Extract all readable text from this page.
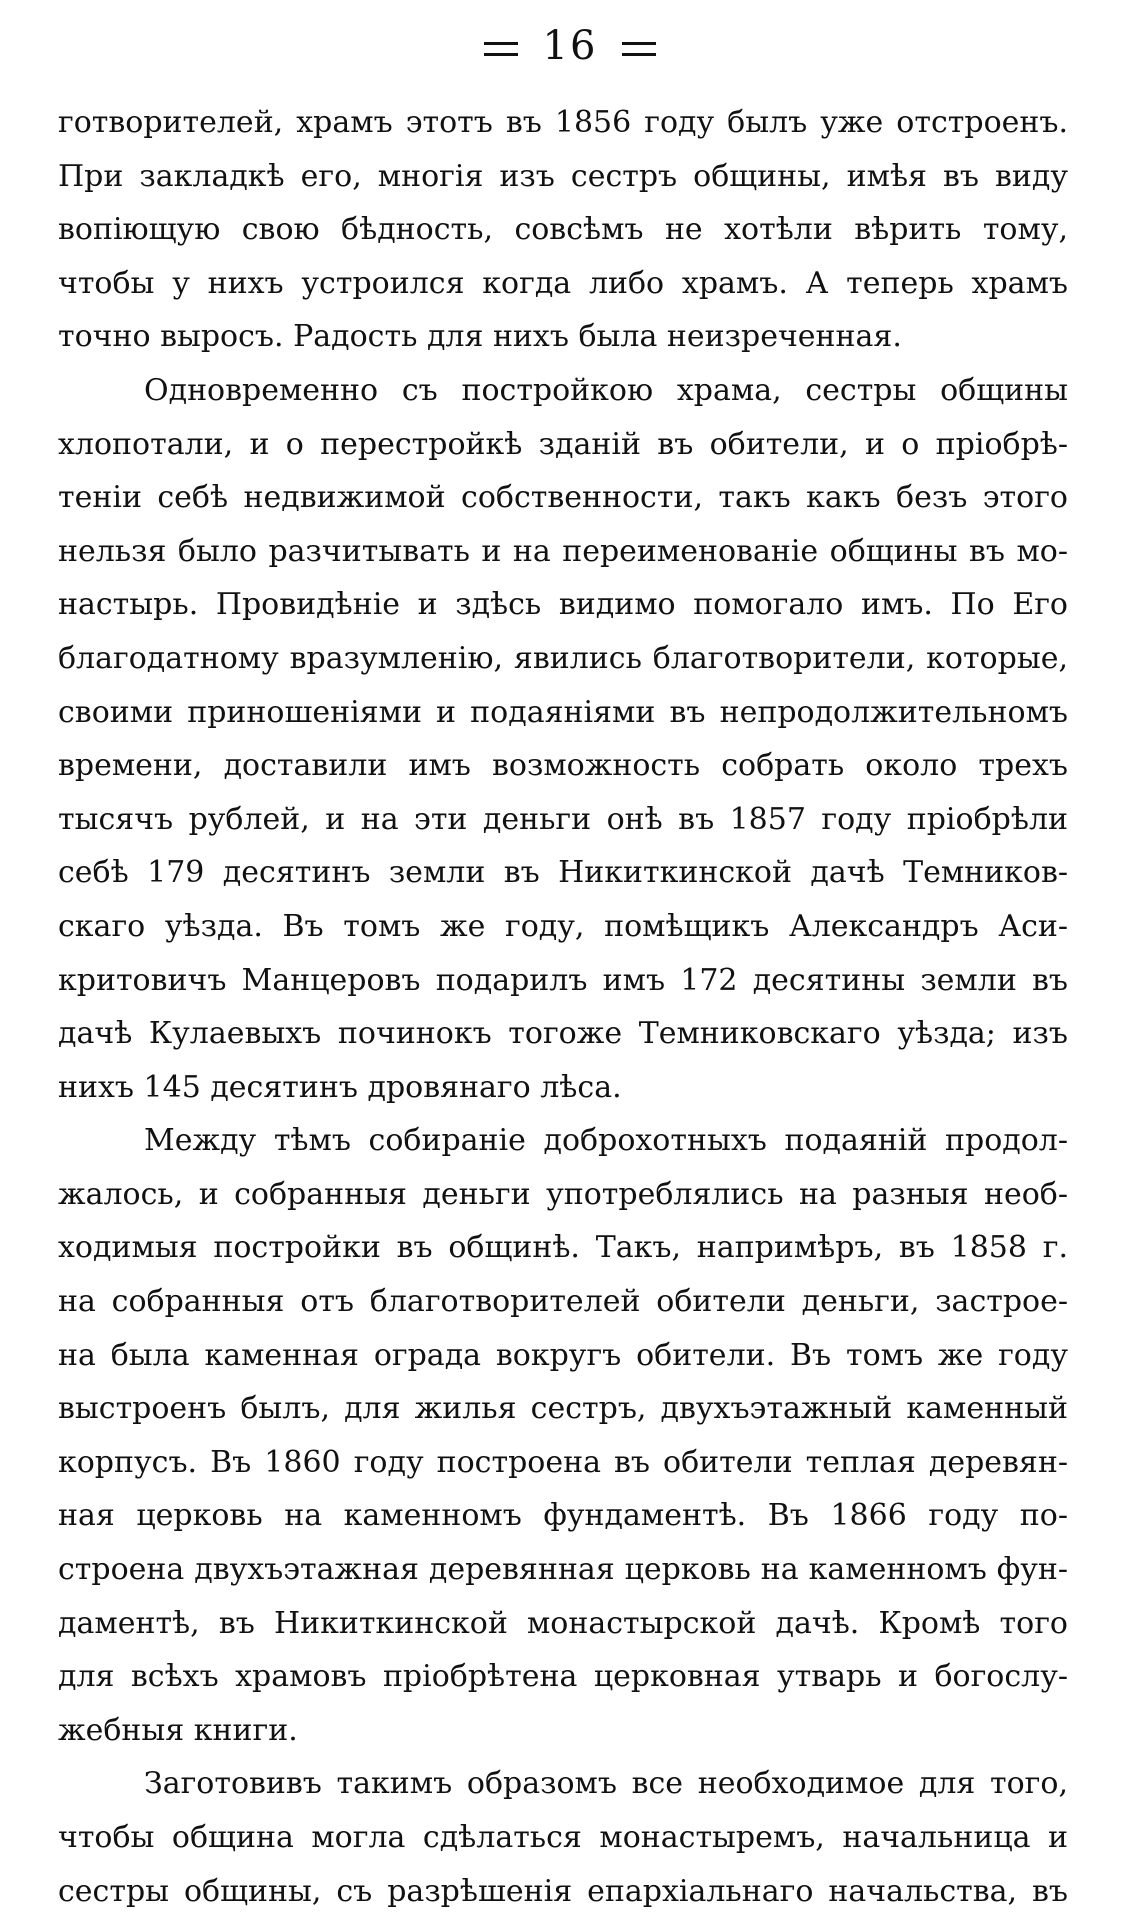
16
готворителей, храмъ этотъ въ 1856 году былъ уже отстроенъ.
При закладкѣ его, многія изъ сестръ общины, имѣя въ виду
вопіющую свою бѣдность, совсѣмъ не хотѣли вѣрить тому,
чтобы у нихъ устроился когда либо храмъ. А теперь храмъ
точно выросъ. Радость для нихъ была неизреченная.
Одновременно съ постройкою храма, сестры общины
хлопотали, и о перестройкѣ зданій въ обители, и о пріобрѣ-
теніи себѣ недвижимой собственности, такъ какъ безъ этого
нельзя было разчитывать и на переименованіе общины въ мо-
настырь. Провидѣніе и здѣсь видимо помогало имъ. По Его
благодатному вразумленію, явились благотворители, которые,
своими приношеніями и подаяніями въ непродолжительномъ
времени, доставили имъ возможность собрать около трехъ
тысячъ рублей, и на эти деньги онѣ въ 1857 году пріобрѣли
себѣ 179 десятинъ земли въ Никиткинской дачѣ Темников-
скаго уѣзда. Въ томъ же году, помѣщикъ Александръ Аси-
критовичъ Манцеровъ подарилъ имъ 172 десятины земли въ
дачѣ Кулаевыхъ починокъ тогоже Темниковскаго уѣзда; изъ
нихъ 145 десятинъ дровянаго лѣса.
Между тѣмъ собираніе доброхотныхъ подаяній продол-
жалось, и собранныя деньги употреблялись на разныя необ-
ходимыя постройки въ общинѣ. Такъ, напримѣръ, въ 1858 г.
на собранныя отъ благотворителей обители деньги, застрое-
на была каменная ограда вокругъ обители. Въ томъ же году
выстроенъ былъ, для жилья сестръ, двухъэтажный каменный
корпусъ. Въ 1860 году построена въ обители теплая деревян-
ная церковь на каменномъ фундаментѣ. Въ 1866 году по-
строена двухъэтажная деревянная церковь на каменномъ фун-
даментѣ, въ Никиткинской монастырской дачѣ. Кромѣ того
для всѣхъ храмовъ пріобрѣтена церковная утварь и богослу-
жебныя книги.
Заготовивъ такимъ образомъ все необходимое для того,
чтобы община могла сдѣлаться монастыремъ, начальница и
сестры общины, съ разрѣшенія епархіальнаго начальства, въ
